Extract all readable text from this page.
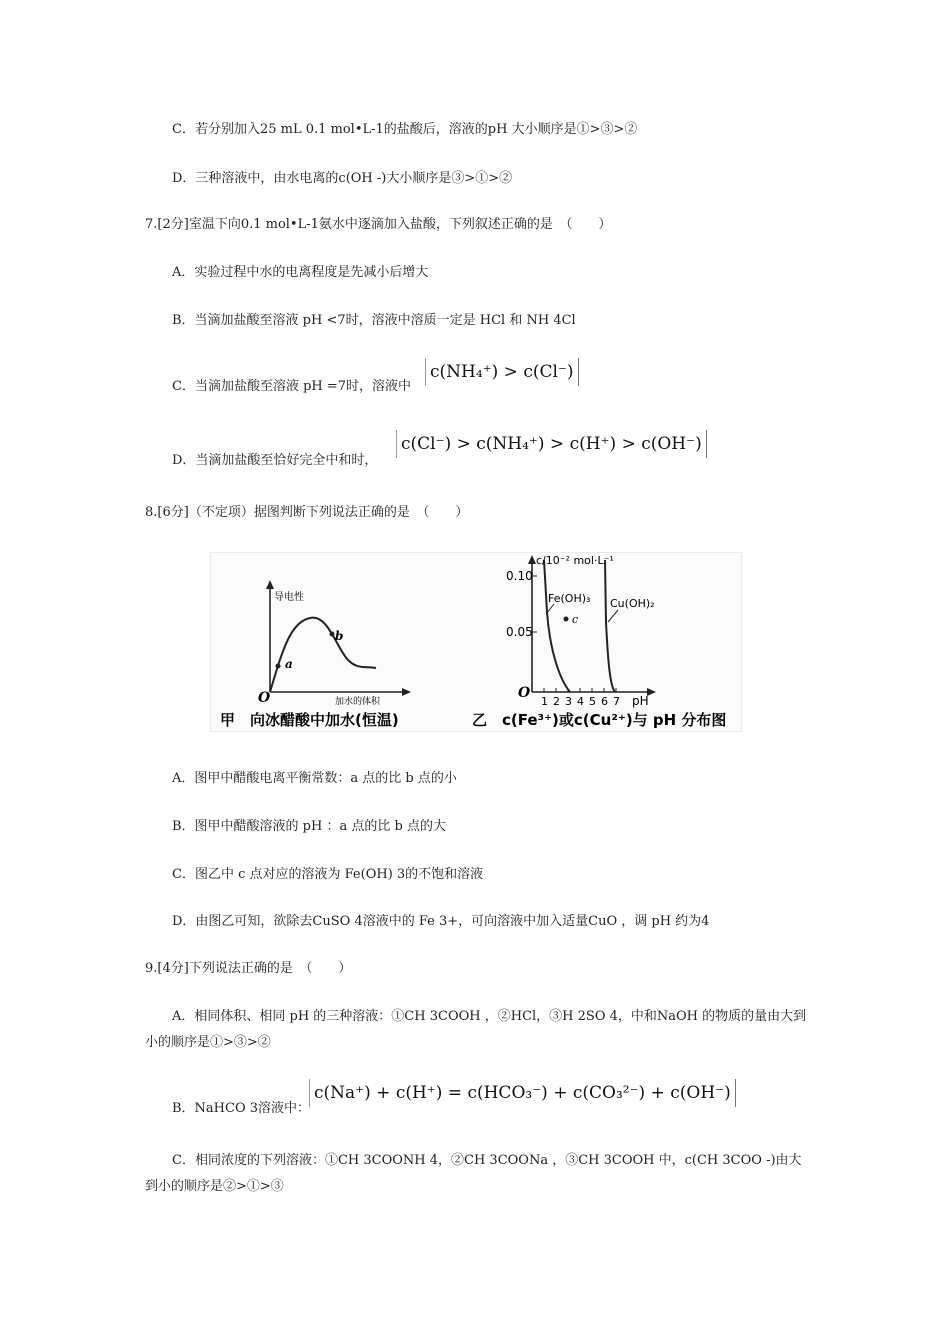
C．若分别加入25 mL 0.1 mol•L-1的盐酸后，溶液的pH 大小顺序是①>③>②
D．三种溶液中，由水电离的c(OH -)大小顺序是③>①>②
7.[2分]室温下向0.1 mol•L-1氨水中逐滴加入盐酸，下列叙述正确的是　（　　）
A．实验过程中水的电离程度是先减小后增大
B．当滴加盐酸至溶液 pH <7时，溶液中溶质一定是 HCl 和 NH 4Cl
C．当滴加盐酸至溶液 pH =7时，溶液中
c(NH₄⁺) > c(Cl⁻)
D．当滴加盐酸至恰好完全中和时，
c(Cl⁻) > c(NH₄⁺) > c(H⁺) > c(OH⁻)
8.[6分]（不定项）据图判断下列说法正确的是　（　　）
导电性
加水的体积
O
a
b
甲　向冰醋酸中加水(恒温)
c/10⁻² mol·L⁻¹
0.10
0.05
O
1 2 3 4 5 6 7 pH
Fe(OH)₃ Cu(OH)₂
c
乙　c(Fe³⁺)或c(Cu²⁺)与 pH 分布图
A．图甲中醋酸电离平衡常数：a 点的比 b 点的小
B．图甲中醋酸溶液的 pH ：a 点的比 b 点的大
C．图乙中 c 点对应的溶液为 Fe(OH) 3的不饱和溶液
D．由图乙可知，欲除去CuSO 4溶液中的 Fe 3+，可向溶液中加入适量CuO ，调 pH 约为4
9.[4分]下列说法正确的是　（　　）
A．相同体积、相同 pH 的三种溶液：①CH 3COOH ，②HCl，③H 2SO 4，中和NaOH 的物质的量由大到小的顺序是①>③>②
B．NaHCO 3溶液中：
c(Na⁺) + c(H⁺) = c(HCO₃⁻) + c(CO₃²⁻) + c(OH⁻)
C．相同浓度的下列溶液：①CH 3COONH 4，②CH 3COONa ，③CH 3COOH 中，c(CH 3COO -)由大到小的顺序是②>①>③
